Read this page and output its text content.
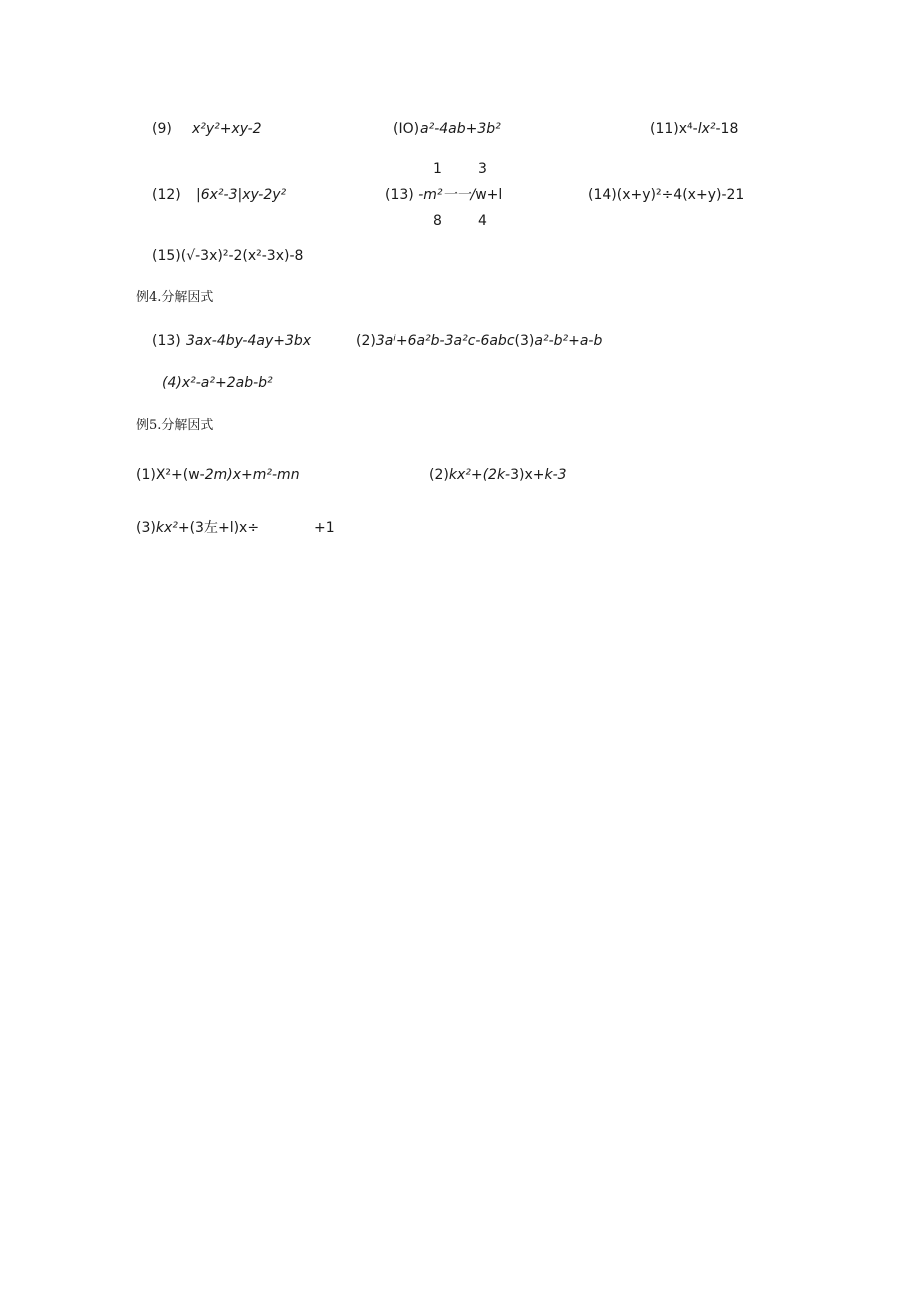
(9) x²y²+xy-2	(IO) a²-4ab+3b²	(11)x⁴-lx²-18
1	3
(12) |6x²-3|xy-2y²	(13) -m²一一/w+l	(14)(x+y)²÷4(x+y)-21
8	4
(15)(√-3x)²-2(x²-3x)-8
例4.分解因式
(13) 3ax-4by-4ay+3bx	(2)3aⁱ+6a²b-3a²c-6abc(3)a²-b²+a-b
(4)x²-a²+2ab-b²
例5.分解因式
(1)X²+(w-2m)x+m²-mn	(2)kx²+(2k-3)x+k-3
(3)kx²+(3左+l)x÷	+1
